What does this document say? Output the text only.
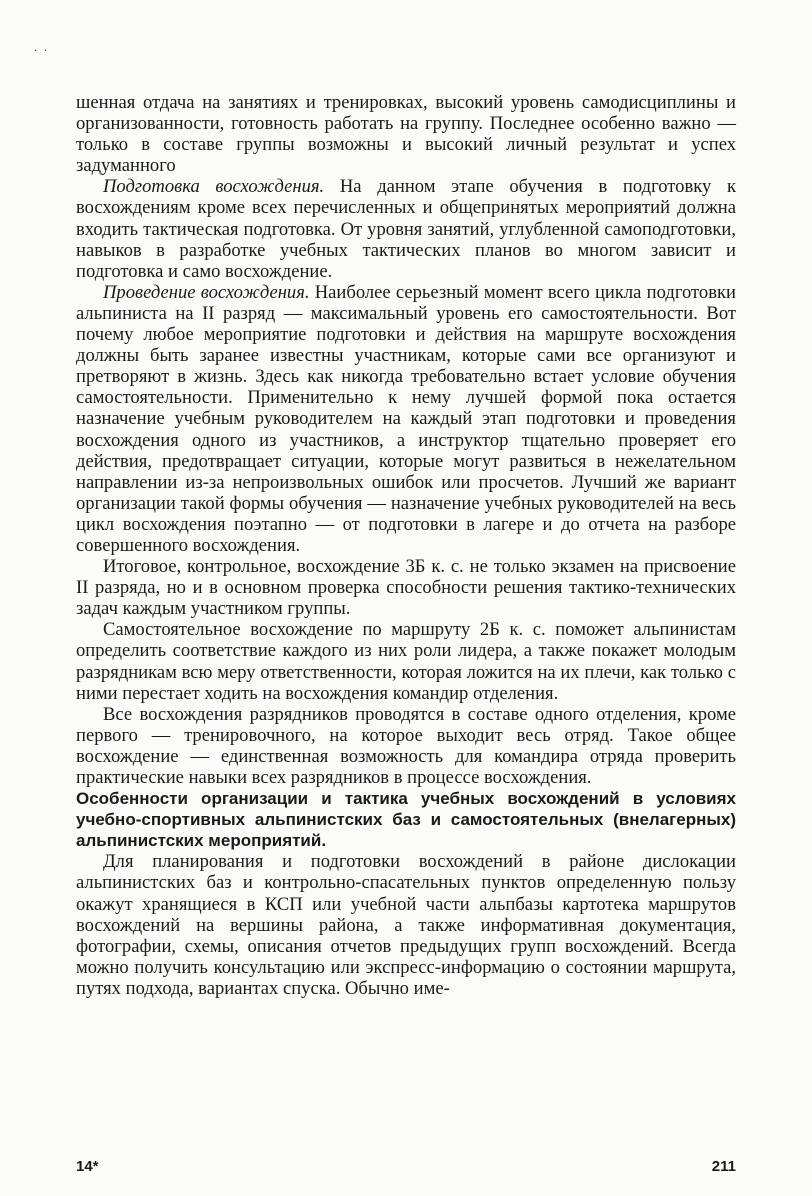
. .

шенная отдача на занятиях и тренировках, высокий уровень самодисциплины и организованности, готовность работать на группу. Последнее особенно важно — только в составе группы возможны и высокий личный результат и успех задуманного

Подготовка восхождения. На данном этапе обучения в подготовку к восхождениям кроме всех перечисленных и общепринятых мероприятий должна входить тактическая подготовка. От уровня занятий, углубленной самоподготовки, навыков в разработке учебных тактических планов во многом зависит и подготовка и само восхождение.

Проведение восхождения. Наиболее серьезный момент всего цикла подготовки альпиниста на II разряд — максимальный уровень его самостоятельности. Вот почему любое мероприятие подготовки и действия на маршруте восхождения должны быть заранее известны участникам, которые сами все организуют и претворяют в жизнь. Здесь как никогда требовательно встает условие обучения самостоятельности. Применительно к нему лучшей формой пока остается назначение учебным руководителем на каждый этап подготовки и проведения восхождения одного из участников, а инструктор тщательно проверяет его действия, предотвращает ситуации, которые могут развиться в нежелательном направлении из-за непроизвольных ошибок или просчетов. Лучший же вариант организации такой формы обучения — назначение учебных руководителей на весь цикл восхождения поэтапно — от подготовки в лагере и до отчета на разборе совершенного восхождения.

Итоговое, контрольное, восхождение 3Б к. с. не только экзамен на присвоение II разряда, но и в основном проверка способности решения тактико-технических задач каждым участником группы.

Самостоятельное восхождение по маршруту 2Б к. с. поможет альпинистам определить соответствие каждого из них роли лидера, а также покажет молодым разрядникам всю меру ответственности, которая ложится на их плечи, как только с ними перестает ходить на восхождения командир отделения.

Все восхождения разрядников проводятся в составе одного отделения, кроме первого — тренировочного, на которое выходит весь отряд. Такое общее восхождение — единственная возможность для командира отряда проверить практические навыки всех разрядников в процессе восхождения.

Особенности организации и тактика учебных восхождений в условиях учебно-спортивных альпинистских баз и самостоятельных (внелагерных) альпинистских мероприятий.

Для планирования и подготовки восхождений в районе дислокации альпинистских баз и контрольно-спасательных пунктов определенную пользу окажут хранящиеся в КСП или учебной части альпбазы картотека маршрутов восхождений на вершины района, а также информативная документация, фотографии, схемы, описания отчетов предыдущих групп восхождений. Всегда можно получить консультацию или экспресс-информацию о состоянии маршрута, путях подхода, вариантах спуска. Обычно име-

14*	211
